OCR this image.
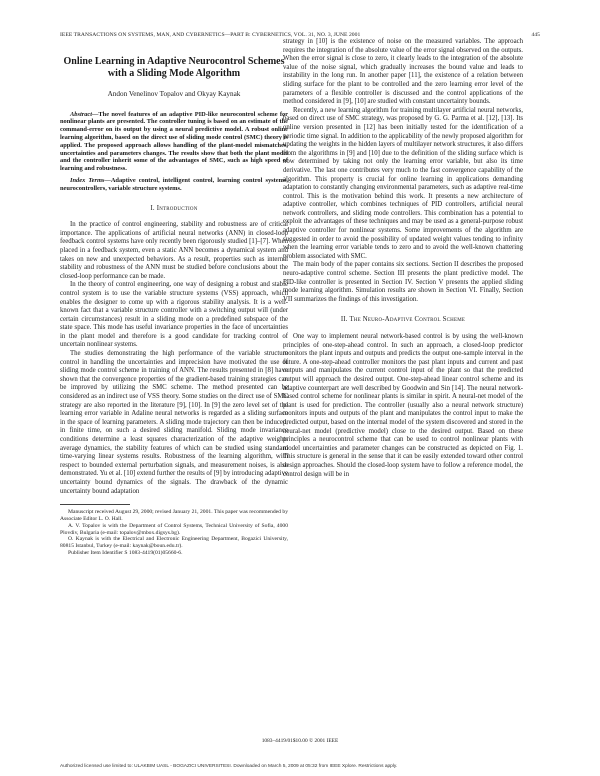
IEEE TRANSACTIONS ON SYSTEMS, MAN, AND CYBERNETICS—PART B: CYBERNETICS, VOL. 31, NO. 3, JUNE 2001	445
Online Learning in Adaptive Neurocontrol Schemes with a Sliding Mode Algorithm
Andon Venelinov Topalov and Okyay Kaynak

Abstract—The novel features of an adaptive PID-like neurocontrol scheme for nonlinear plants are presented. The controller tuning is based on an estimate of the command-error on its output by using a neural predictive model. A robust online learning algorithm, based on the direct use of sliding mode control (SMC) theory is applied. The proposed approach allows handling of the plant-model mismatches, uncertainties and parameters changes. The results show that both the plant model and the controller inherit some of the advantages of SMC, such as high speed of learning and robustness.

Index Terms—Adaptive control, intelligent control, learning control systems, neurocontrollers, variable structure systems.

I. Introduction

In the practice of control engineering, stability and robustness are of critical importance. The applications of artificial neural networks (ANN) in closed-loop feedback control systems have only recently been rigorously studied [1]–[7]. When placed in a feedback system, even a static ANN becomes a dynamical system and takes on new and unexpected behaviors. As a result, properties such as internal stability and robustness of the ANN must be studied before conclusions about the closed-loop performance can be made.

In the theory of control engineering, one way of designing a robust and stable control system is to use the variable structure systems (VSS) approach, which enables the designer to come up with a rigorous stability analysis. It is a well-known fact that a variable structure controller with a switching output will (under certain circumstances) result in a sliding mode on a predefined subspace of the state space. This mode has useful invariance properties in the face of uncertainties in the plant model and therefore is a good candidate for tracking control of uncertain nonlinear systems.

The studies demonstrating the high performance of the variable structure control in handling the uncertainties and imprecision have motivated the use of sliding mode control scheme in training of ANN. The results presented in [8] have shown that the convergence properties of the gradient-based training strategies can be improved by utilizing the SMC scheme. The method presented can be considered as an indirect use of VSS theory. Some studies on the direct use of SMC strategy are also reported in the literature [9], [10]. In [9] the zero level set of the learning error variable in Adaline neural networks is regarded as a sliding surface in the space of learning parameters. A sliding mode trajectory can then be induced, in finite time, on such a desired sliding manifold. Sliding mode invariance conditions determine a least squares characterization of the adaptive weights average dynamics, the stability features of which can be studied using standard time-varying linear systems results. Robustness of the learning algorithm, with respect to bounded external perturbation signals, and measurement noises, is also demonstrated. Yu et al. [10] extend further the results of [9] by introducing adaptive uncertainty bound dynamics of the signals. The drawback of the dynamic uncertainty bound adaptation

Manuscript received August 29, 2000; revised January 21, 2001. This paper was recommended by Associate Editor L. O. Hall.

A. V. Topalov is with the Department of Control Systems, Technical University of Sofia, 4000 Plovdiv, Bulgaria (e-mail: topalov@mbox.digsys.bg).

O. Kaynak is with the Electrical and Electronic Engineering Department, Bogazici University, 80815 Istanbul, Turkey (e-mail: kaynak@boun.edu.tr).

Publisher Item Identifier S 1083-4419(01)05660-6.

strategy in [10] is the existence of noise on the measured variables. The approach requires the integration of the absolute value of the error signal observed on the outputs. When the error signal is close to zero, it clearly leads to the integration of the absolute value of the noise signal, which gradually increases the bound value and leads to instability in the long run. In another paper [11], the existence of a relation between sliding surface for the plant to be controlled and the zero learning error level of the parameters of a flexible controller is discussed and the control applications of the method considered in [9], [10] are studied with constant uncertainty bounds.

Recently, a new learning algorithm for training multilayer artificial neural networks, based on direct use of SMC strategy, was proposed by G. G. Parma et al. [12], [13]. Its online version presented in [12] has been initially tested for the identification of a periodic time signal. In addition to the applicability of the newly proposed algorithm for updating the weights in the hidden layers of multilayer network structures, it also differs from the algorithms in [9] and [10] due to the definition of the sliding surface which is now determined by taking not only the learning error variable, but also its time derivative. The last one contributes very much to the fast convergence capability of the algorithm. This property is crucial for online learning in applications demanding adaptation to constantly changing environmental parameters, such as adaptive real-time control. This is the motivation behind this work. It presents a new architecture of adaptive controller, which combines techniques of PID controllers, artificial neural network controllers, and sliding mode controllers. This combination has a potential to exploit the advantages of these techniques and may be used as a general-purpose robust adaptive controller for nonlinear systems. Some improvements of the algorithm are suggested in order to avoid the possibility of updated weight values tending to infinity when the learning error variable tends to zero and to avoid the well-known chattering problem associated with SMC.

The main body of the paper contains six sections. Section II describes the proposed neuro-adaptive control scheme. Section III presents the plant predictive model. The PID-like controller is presented in Section IV. Section V presents the applied sliding mode learning algorithm. Simulation results are shown in Section VI. Finally, Section VII summarizes the findings of this investigation.

II. The Neuro-Adaptive Control Scheme

One way to implement neural network-based control is by using the well-known principles of one-step-ahead control. In such an approach, a closed-loop predictor monitors the plant inputs and outputs and predicts the output one-sample interval in the future. A one-step-ahead controller monitors the past plant inputs and current and past outputs and manipulates the current control input of the plant so that the predicted output will approach the desired output. One-step-ahead linear control scheme and its adaptive counterpart are well described by Goodwin and Sin [14]. The neural network-based control scheme for nonlinear plants is similar in spirit. A neural-net model of the plant is used for prediction. The controller (usually also a neural network structure) monitors inputs and outputs of the plant and manipulates the control input to make the predicted output, based on the internal model of the system discovered and stored in the neural-net model (predictive model) close to the desired output. Based on these principles a neurocontrol scheme that can be used to control nonlinear plants with model uncertainties and parameter changes can be constructed as depicted on Fig. 1. This structure is general in the sense that it can be easily extended toward other control design approaches. Should the closed-loop system have to follow a reference model, the control design will be in

1083–4419/01$10.00 © 2001 IEEE
Authorized licensed use limited to: ULAKBIM UASL - BOGAZICI UNIVERSITESI. Downloaded on March 5, 2009 at 05:32 from IEEE Xplore. Restrictions apply.
